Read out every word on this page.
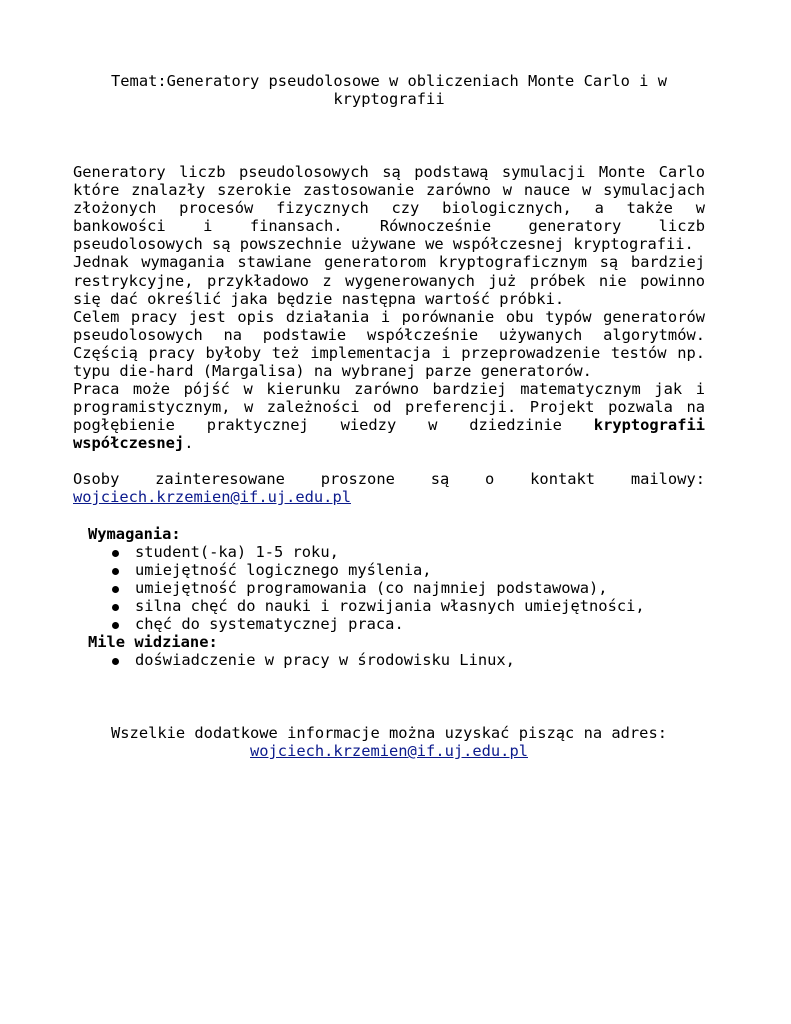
Temat:Generatory pseudolosowe w obliczeniach Monte Carlo i w
kryptografii
Generatory liczb pseudolosowych są podstawą symulacji Monte Carlo
które znalazły szerokie zastosowanie zarówno w nauce w symulacjach
złożonych procesów fizycznych czy biologicznych, a także w
bankowości i finansach. Równocześnie generatory liczb
pseudolosowych są powszechnie używane we współczesnej kryptografii.
Jednak wymagania stawiane generatorom kryptograficznym są bardziej
restrykcyjne, przykładowo z wygenerowanych już próbek nie powinno
się dać określić jaka będzie następna wartość próbki.
Celem pracy jest opis działania i porównanie obu typów generatorów
pseudolosowych na podstawie współcześnie używanych algorytmów.
Częścią pracy byłoby też implementacja i przeprowadzenie testów np.
typu die-hard (Margalisa) na wybranej parze generatorów.
Praca może pójść w kierunku zarówno bardziej matematycznym jak i
programistycznym, w zależności od preferencji. Projekt pozwala na
pogłębienie praktycznej wiedzy w dziedzinie kryptografii
współczesnej.
Osoby zainteresowane proszone są o kontakt mailowy:
wojciech.krzemien@if.uj.edu.pl
Wymagania:
student(-ka) 1-5 roku,
umiejętność logicznego myślenia,
umiejętność programowania (co najmniej podstawowa),
silna chęć do nauki i rozwijania własnych umiejętności,
chęć do systematycznej praca.
Mile widziane:
doświadczenie w pracy w środowisku Linux,
Wszelkie dodatkowe informacje można uzyskać pisząc na adres:
wojciech.krzemien@if.uj.edu.pl
